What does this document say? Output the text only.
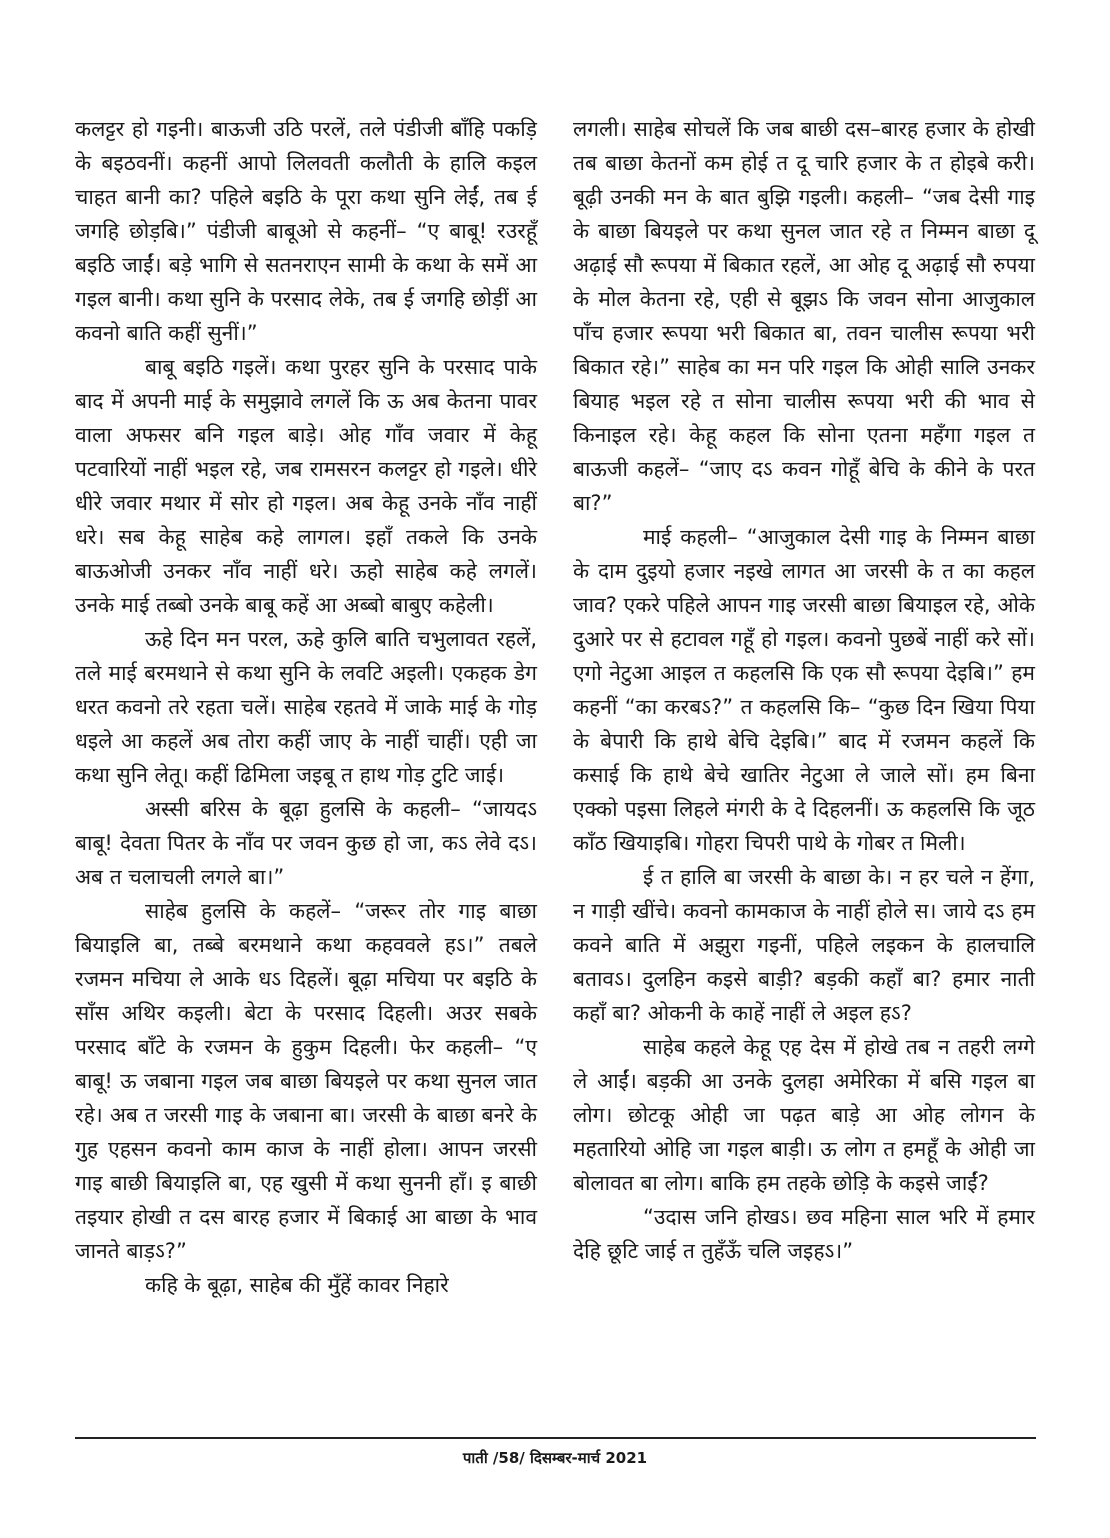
कलट्टर हो गइनी। बाऊजी उठि परलें, तले पंडीजी बाँहि पकड़ि के बइठवनीं। कहनीं आपो लिलवती कलौती के हालि कइल चाहत बानी का? पहिले बइठि के पूरा कथा सुनि लेईं, तब ई जगहि छोड़बि।” पंडीजी बाबूओ से कहनीं– “ए बाबू! रउरहूँ बइठि जाईं। बड़े भागि से सतनराएन सामी के कथा के समें आ गइल बानी। कथा सुनि के परसाद लेके, तब ई जगहि छोड़ीं आ कवनो बाति कहीं सुनीं।”

बाबू बइठि गइलें। कथा पुरहर सुनि के परसाद पाके बाद में अपनी माई के समुझावे लगलें कि ऊ अब केतना पावर वाला अफसर बनि गइल बाड़े। ओह गाँव जवार में केहू पटवारियों नाहीं भइल रहे, जब रामसरन कलट्टर हो गइले। धीरे धीरे जवार मथार में सोर हो गइल। अब केहू उनके नाँव नाहीं धरे। सब केहू साहेब कहे लागल। इहाँ तकले कि उनके बाऊओजी उनकर नाँव नाहीं धरे। ऊहो साहेब कहे लगलें। उनके माई तब्बो उनके बाबू कहें आ अब्बो बाबुए कहेली।

ऊहे दिन मन परल, ऊहे कुलि बाति चभुलावत रहलें, तले माई बरमथाने से कथा सुनि के लवटि अइली। एकहक डेग धरत कवनो तरे रहता चलें। साहेब रहतवे में जाके माई के गोड़ धइले आ कहलें अब तोरा कहीं जाए के नाहीं चाहीं। एही जा कथा सुनि लेतू। कहीं ढिमिला जइबू त हाथ गोड़ टुटि जाई।

अस्सी बरिस के बूढ़ा हुलसि के कहली– “जायदऽ बाबू! देवता पितर के नाँव पर जवन कुछ हो जा, कऽ लेवे दऽ। अब त चलाचली लगले बा।”

साहेब हुलसि के कहलें– “जरूर तोर गाइ बाछा बियाइलि बा, तब्बे बरमथाने कथा कहववले हऽ।” तबले रजमन मचिया ले आके धऽ दिहलें। बूढ़ा मचिया पर बइठि के साँस अथिर कइली। बेटा के परसाद दिहली। अउर सबके परसाद बाँटे के रजमन के हुकुम दिहली। फेर कहली– “ए बाबू! ऊ जबाना गइल जब बाछा बियइले पर कथा सुनल जात रहे। अब त जरसी गाइ के जबाना बा। जरसी के बाछा बनरे के गुह एहसन कवनो काम काज के नाहीं होला। आपन जरसी गाइ बाछी बियाइलि बा, एह खुसी में कथा सुननी हाँ। इ बाछी तइयार होखी त दस बारह हजार में बिकाई आ बाछा के भाव जानते बाड़ऽ?”

कहि के बूढ़ा, साहेब की मुँहें कावर निहारे

लगली। साहेब सोचलें कि जब बाछी दस–बारह हजार के होखी तब बाछा केतनों कम होई त दू चारि हजार के त होइबे करी। बूढ़ी उनकी मन के बात बुझि गइली। कहली– “जब देसी गाइ के बाछा बियइले पर कथा सुनल जात रहे त निम्मन बाछा दू अढ़ाई सौ रूपया में बिकात रहलें, आ ओह दू अढ़ाई सौ रुपया के मोल केतना रहे, एही से बूझऽ कि जवन सोना आजुकाल पाँच हजार रूपया भरी बिकात बा, तवन चालीस रूपया भरी बिकात रहे।” साहेब का मन परि गइल कि ओही सालि उनकर बियाह भइल रहे त सोना चालीस रूपया भरी की भाव से किनाइल रहे। केहू कहल कि सोना एतना महँगा गइल त बाऊजी कहलें– “जाए दऽ कवन गोहूँ बेचि के कीने के परत बा?”

माई कहली– “आजुकाल देसी गाइ के निम्मन बाछा के दाम दुइयो हजार नइखे लागत आ जरसी के त का कहल जाव? एकरे पहिले आपन गाइ जरसी बाछा बियाइल रहे, ओके दुआरे पर से हटावल गहूँ हो गइल। कवनो पुछबें नाहीं करे सों। एगो नेटुआ आइल त कहलसि कि एक सौ रूपया देइबि।” हम कहनीं “का करबऽ?” त कहलसि कि– “कुछ दिन खिया पिया के बेपारी कि हाथे बेचि देइबि।” बाद में रजमन कहलें कि कसाई कि हाथे बेचे खातिर नेटुआ ले जाले सों। हम बिना एक्को पइसा लिहले मंगरी के दे दिहलनीं। ऊ कहलसि कि जूठ काँठ खियाइबि। गोहरा चिपरी पाथे के गोबर त मिली।

ई त हालि बा जरसी के बाछा के। न हर चले न हेंगा, न गाड़ी खींचे। कवनो कामकाज के नाहीं होले स। जाये दऽ हम कवने बाति में अझुरा गइनीं, पहिले लइकन के हालचालि बतावऽ। दुलहिन कइसे बाड़ी? बड़की कहाँ बा? हमार नाती कहाँ बा? ओकनी के काहें नाहीं ले अइल हऽ?

साहेब कहले केहू एह देस में होखे तब न तहरी लग्गे ले आईं। बड़की आ उनके दुलहा अमेरिका में बसि गइल बा लोग। छोटकू ओही जा पढ़त बाड़े आ ओह लोगन के महतारियो ओहि जा गइल बाड़ी। ऊ लोग त हमहूँ के ओही जा बोलावत बा लोग। बाकि हम तहके छोड़ि के कइसे जाईं?

“उदास जनि होखऽ। छव महिना साल भरि में हमार देहि छूटि जाई त तुहँऊँ चलि जइहऽ।”

पाती /58/ दिसम्बर-मार्च 2021
